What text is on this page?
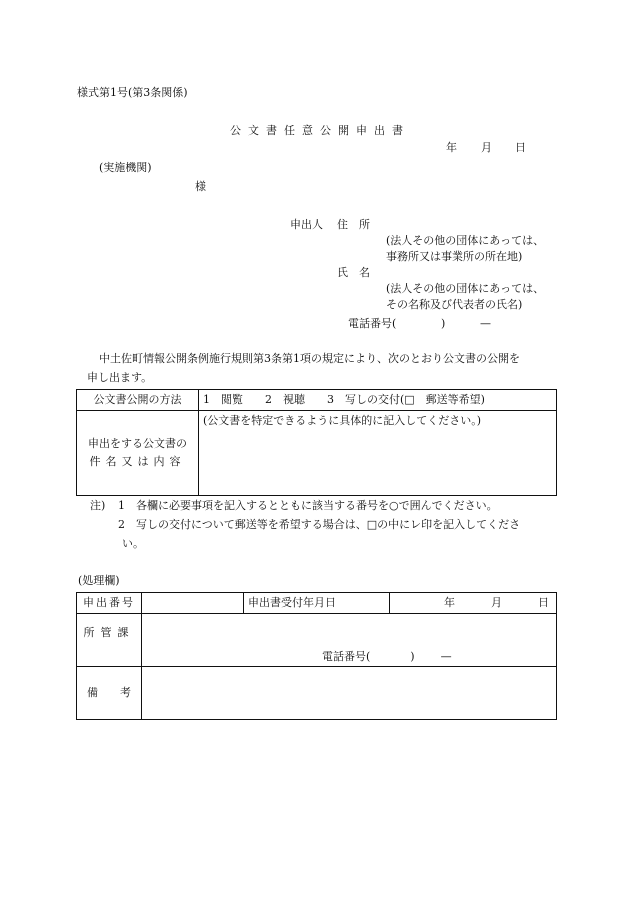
様式第1号(第3条関係)
公文書任意公開申出書
年 月 日
(実施機関)
様
申出人 住　所
(法人その他の団体にあっては、
事務所又は事業所の所在地)
氏　名
(法人その他の団体にあっては、
その名称及び代表者の氏名)
電話番号(	)	—
中土佐町情報公開条例施行規則第3条第1項の規定により、次のとおり公文書の公開を
申し出ます。
公文書公開の方法	1　閲覧　　2　視聴　　3　写しの交付(□　郵送等希望)

申出をする公文書の
件名又は内容	(公文書を特定できるように具体的に記入してください。)
注) 1　各欄に必要事項を記入するとともに該当する番号を○で囲んでください。
2　写しの交付について郵送等を希望する場合は、□の中にレ印を記入してくださ
い。
(処理欄)
申出番号		申出書受付年月日	年 月 日
所管課	電話番号( ) —		
備　　考			
